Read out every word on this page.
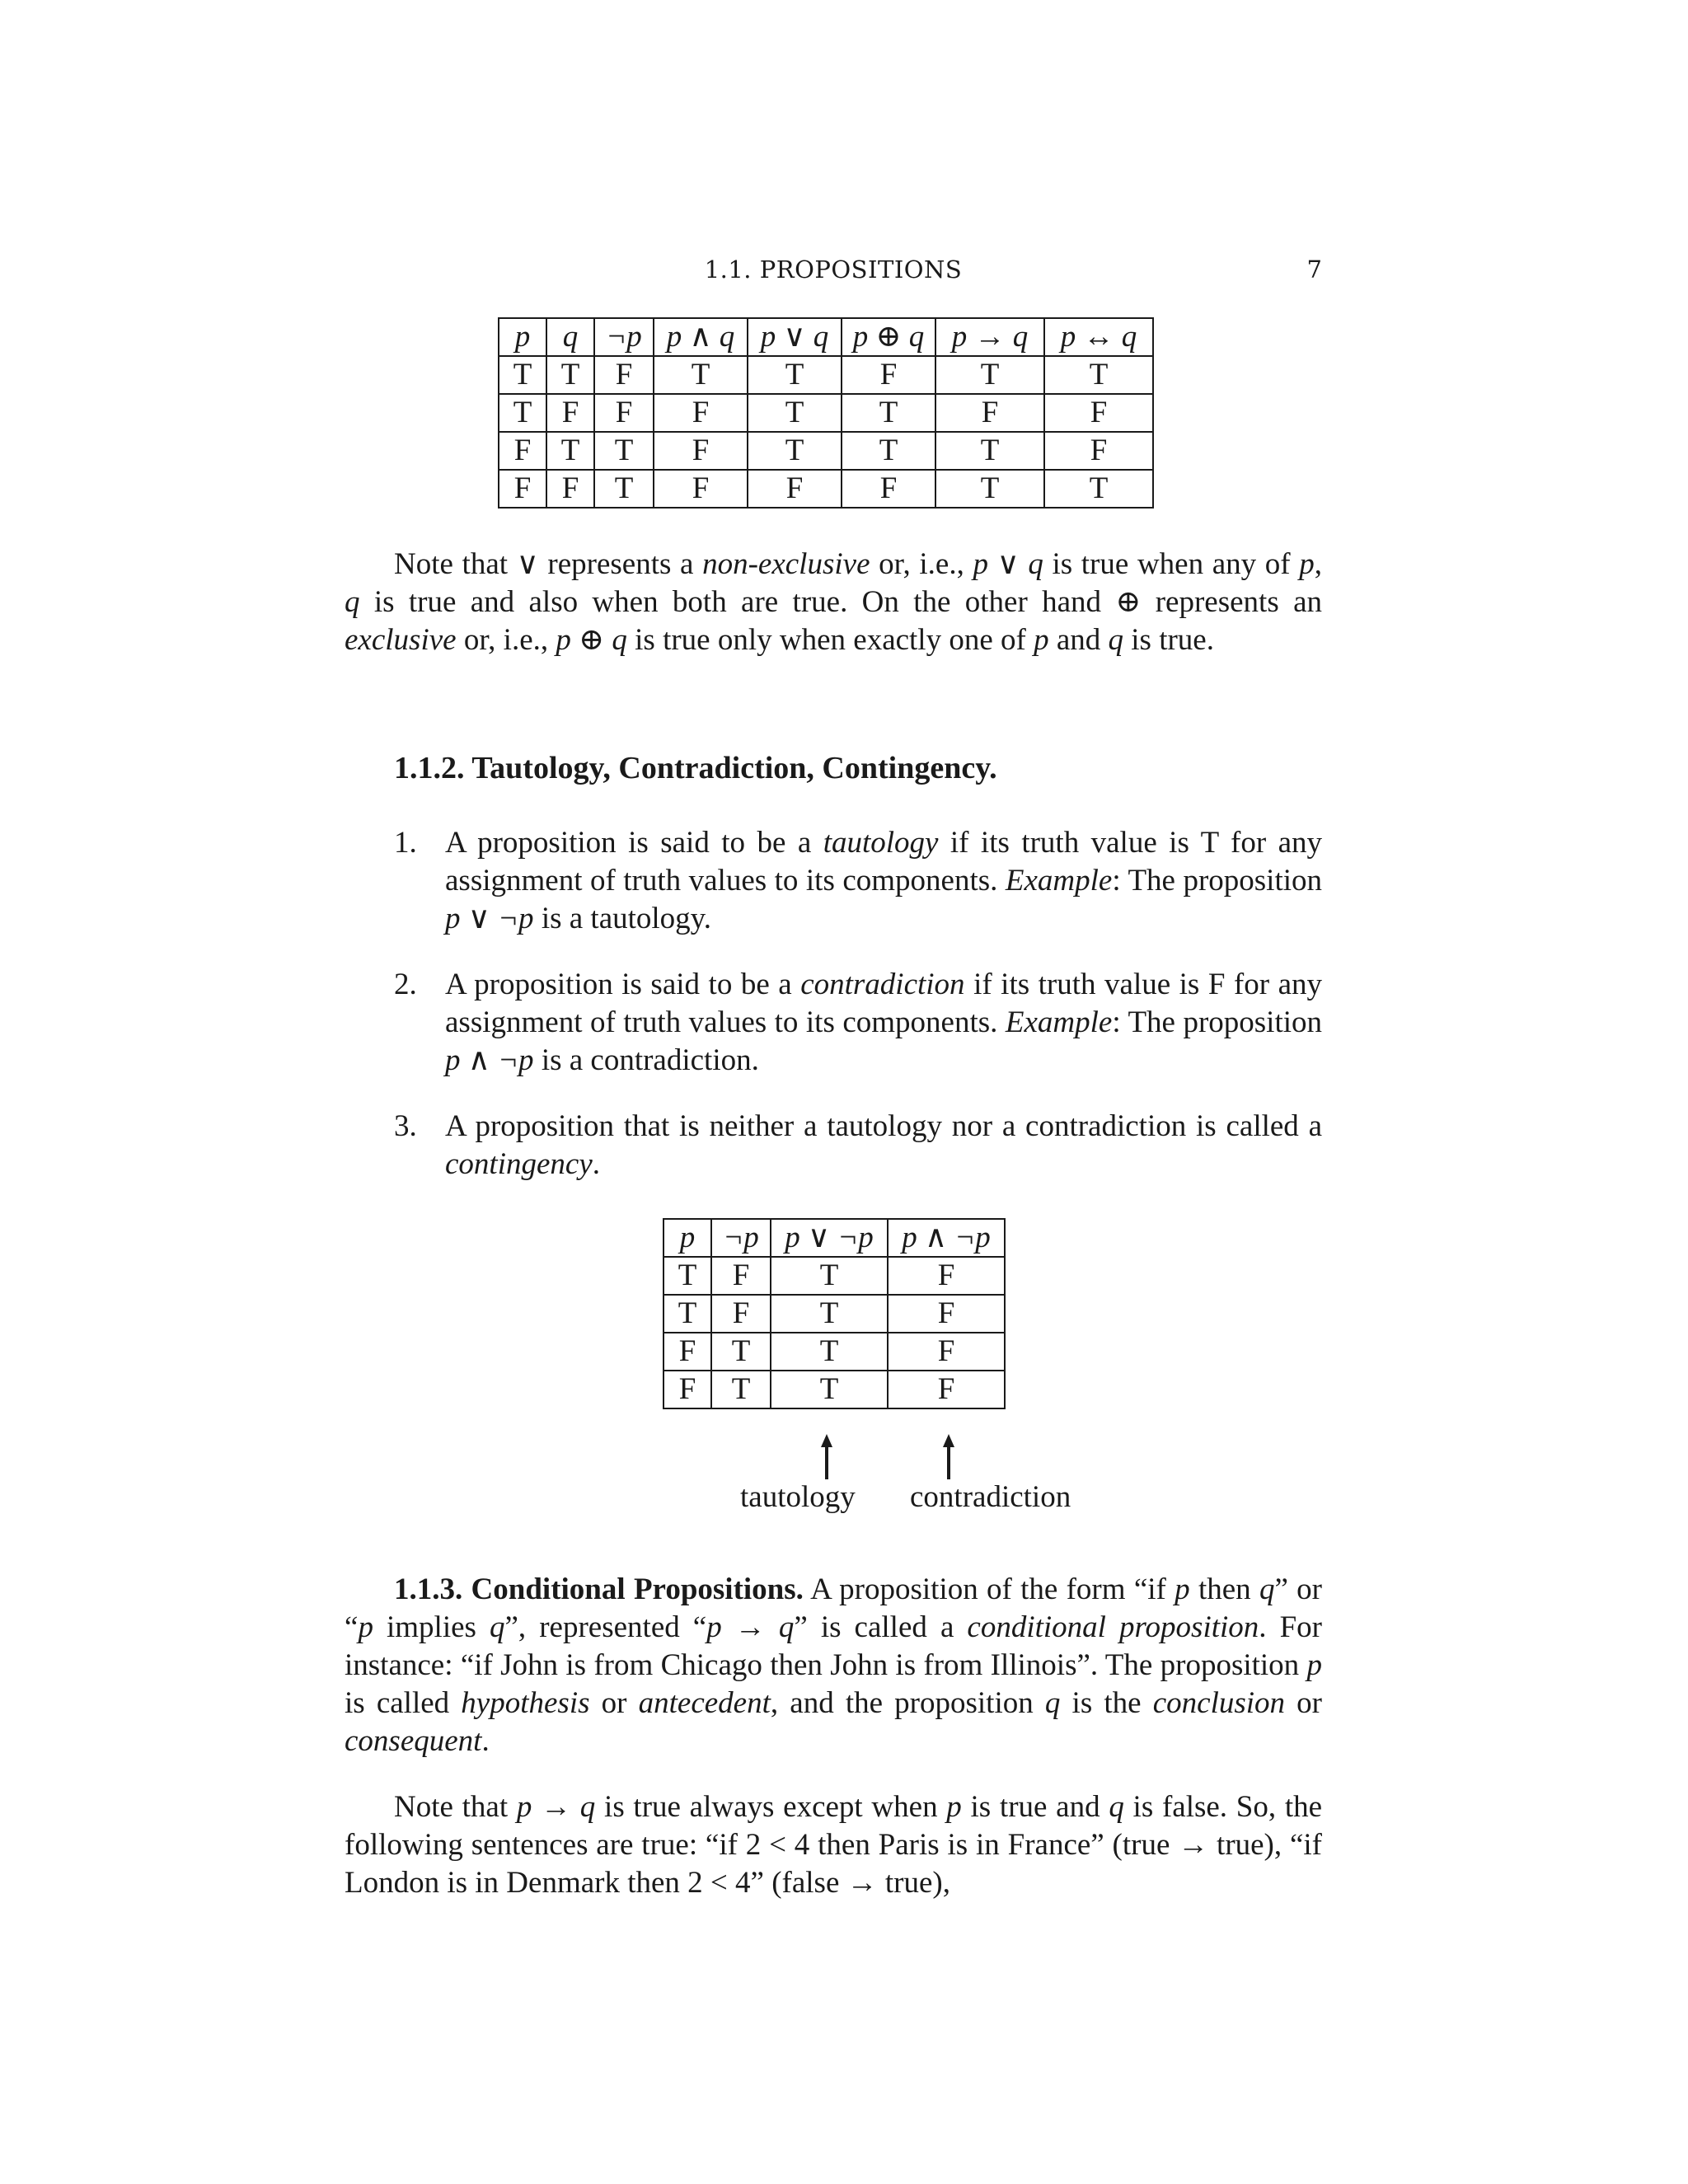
1.1. PROPOSITIONS	7
p	q	¬p	p ∧ q	p ∨ q	p ⊕ q	p → q	p ↔ q
T	T	F	T	T	F	T	T
T	F	F	F	T	T	F	F
F	T	T	F	T	T	T	F
F	F	T	F	F	F	T	T

Note that ∨ represents a non-exclusive or, i.e., p ∨ q is true when any of p, q is true and also when both are true. On the other hand ⊕ represents an exclusive or, i.e., p ⊕ q is true only when exactly one of p and q is true.

1.1.2. Tautology, Contradiction, Contingency.
1. A proposition is said to be a tautology if its truth value is T for any assignment of truth values to its components. Example: The proposition p ∨ ¬p is a tautology.
2. A proposition is said to be a contradiction if its truth value is F for any assignment of truth values to its components. Example: The proposition p ∧ ¬p is a contradiction.
3. A proposition that is neither a tautology nor a contradiction is called a contingency.
p	¬p	p ∨ ¬p	p ∧ ¬p
T	F	T	F
T	F	T	F
F	T	T	F
F	T	T	F
tautology contradiction

1.1.3. Conditional Propositions. A proposition of the form “if p then q” or “p implies q”, represented “p → q” is called a conditional proposition. For instance: “if John is from Chicago then John is from Illinois”. The proposition p is called hypothesis or antecedent, and the proposition q is the conclusion or consequent.

Note that p → q is true always except when p is true and q is false. So, the following sentences are true: “if 2 < 4 then Paris is in France” (true → true), “if London is in Denmark then 2 < 4” (false → true),
